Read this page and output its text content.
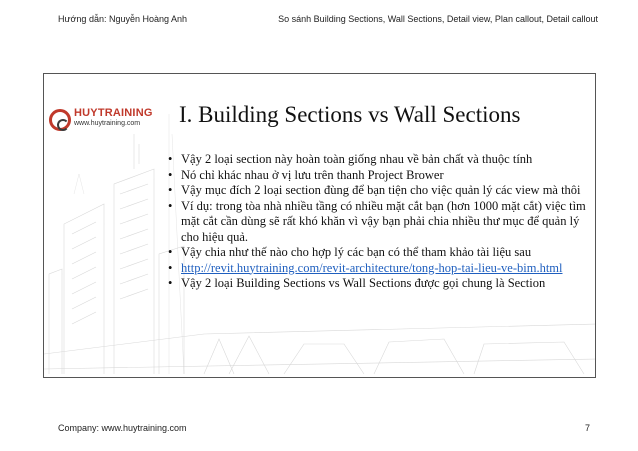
Hướng dẫn: Nguyễn Hoàng Anh	So sánh Building Sections, Wall Sections, Detail view, Plan callout, Detail callout
HUYTRAINING
www.huytraining.com I. Building Sections vs Wall Sections
• Vậy 2 loại section này hoàn toàn giống nhau về bản chất và thuộc tính
• Nó chỉ khác nhau ở vị lưu trên thanh Project Brower
• Vậy mục đích 2 loại section đùng để bạn tiện cho việc quản lý các view mà thôi
• Ví dụ: trong tòa nhà nhiều tầng có nhiều mặt cắt bạn (hơn 1000 mặt cắt) việc tìm mặt cắt cần dùng sẽ rất khó khăn vì vậy bạn phải chia nhiều thư mục để quản lý cho hiệu quả.
• Vậy chia như thế nào cho hợp lý các bạn có thể tham khảo tài liệu sau
• http://revit.huytraining.com/revit-architecture/tong-hop-tai-lieu-ve-bim.html
• Vậy 2 loại Building Sections vs Wall Sections được gọi chung là Section
Company: www.huytraining.com	7
